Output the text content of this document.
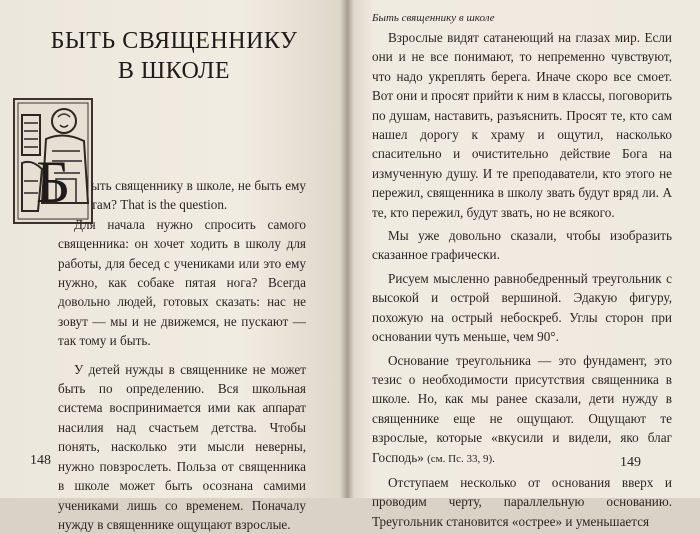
БЫТЬ СВЯЩЕННИКУ
В ШКОЛЕ
Б	ыть священнику в школе, не быть ему там? That is the question.

Для начала нужно спросить самого священника: он хочет ходить в школу для работы, для бесед с учениками или это ему нужно, как собаке пятая нога? Всегда довольно людей, готовых сказать: нас не зовут — мы и не движемся, не пускают — так тому и быть.

У детей нужды в священнике не может быть по определению. Вся школьная система воспринимается ими как аппарат насилия над счастьем детства. Чтобы понять, насколько эти мысли неверны, нужно повзрослеть. Польза от священника в школе может быть осознана самими учениками лишь со временем. Поначалу нужду в священнике ощущают взрослые.

148
Быть священнику в школе

Взрослые видят сатанеющий на глазах мир. Если они и не все понимают, то непременно чувствуют, что надо укреплять берега. Иначе скоро все смоет. Вот они и просят прийти к ним в классы, поговорить по душам, наставить, разъяснить. Просят те, кто сам нашел дорогу к храму и ощутил, насколько спасительно и очистительно действие Бога на измученную душу. И те преподаватели, кто этого не пережил, священника в школу звать будут вряд ли. А те, кто пережил, будут звать, но не всякого.

Мы уже довольно сказали, чтобы изобразить сказанное графически.

Рисуем мысленно равнобедренный треугольник с высокой и острой вершиной. Эдакую фигуру, похожую на острый небоскреб. Углы сторон при основании чуть меньше, чем 90°.

Основание треугольника — это фундамент, это тезис о необходимости присутствия священника в школе. Но, как мы ранее сказали, дети нужду в священнике еще не ощущают. Ощущают те взрослые, которые «вкусили и видели, яко благ Господь» (см. Пс. 33, 9).

Отступаем несколько от основания вверх и проводим черту, параллельную основанию. Треугольник становится «острее» и уменьшается

149
